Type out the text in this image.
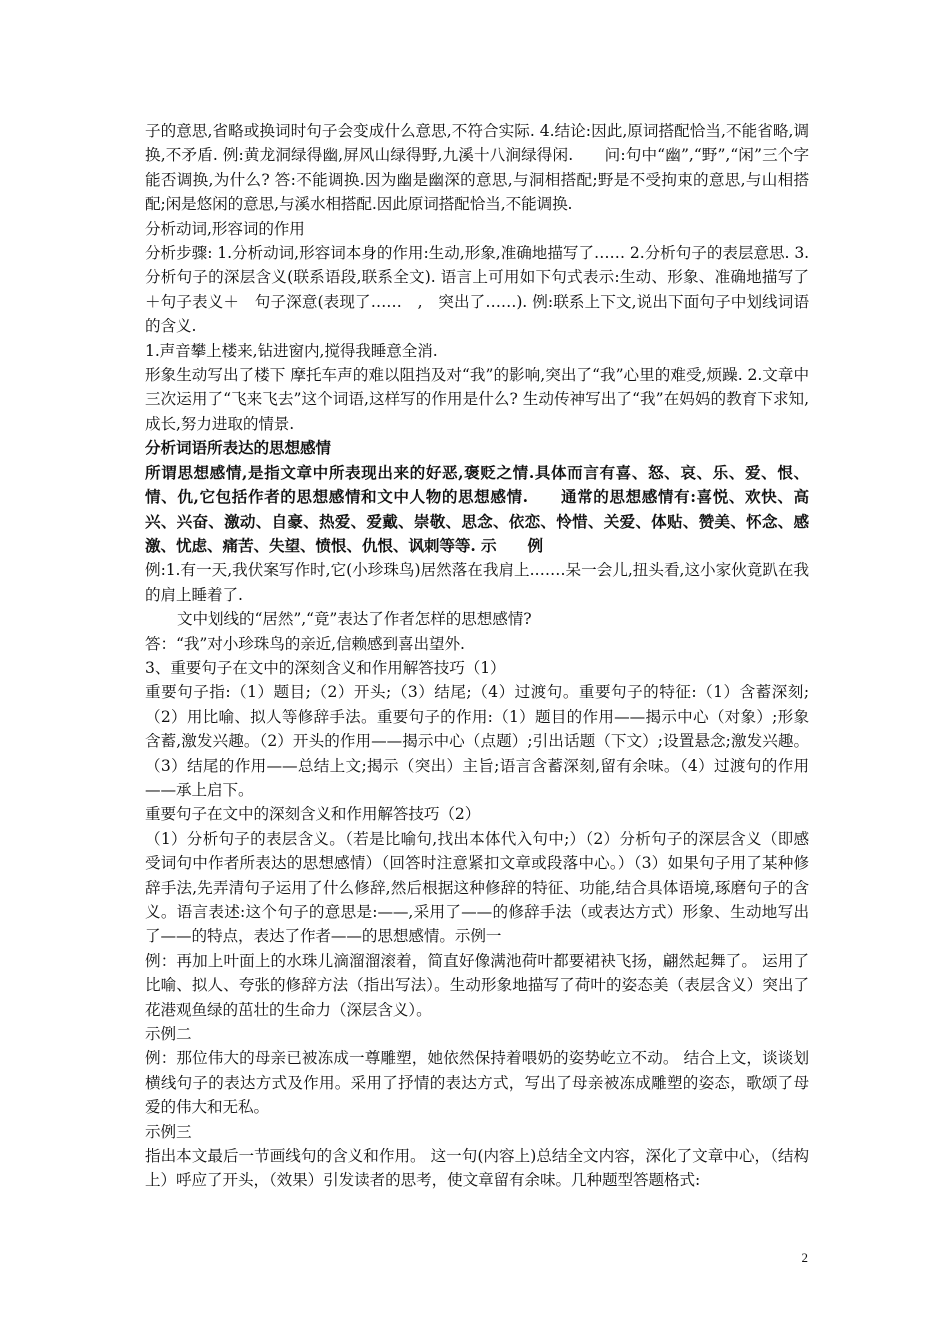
子的意思,省略或换词时句子会变成什么意思,不符合实际. 4.结论:因此,原词搭配恰当,不能省略,调换,不矛盾. 例:黄龙洞绿得幽,屏风山绿得野,九溪十八涧绿得闲.　　问:句中“幽”,“野”,“闲”三个字能否调换,为什么? 答:不能调换.因为幽是幽深的意思,与洞相搭配;野是不受拘束的意思,与山相搭配;闲是悠闲的意思,与溪水相搭配.因此原词搭配恰当,不能调换.

分析动词,形容词的作用

分析步骤: 1.分析动词,形容词本身的作用:生动,形象,准确地描写了…… 2.分析句子的表层意思. 3.分析句子的深层含义(联系语段,联系全文). 语言上可用如下句式表示:生动、形象、准确地描写了＋句子表义＋　句子深意(表现了……　,　突出了……). 例:联系上下文,说出下面句子中划线词语的含义.

1.声音攀上楼来,钻进窗内,搅得我睡意全消.

形象生动写出了楼下 摩托车声的难以阻挡及对“我”的影响,突出了“我”心里的难受,烦躁. 2.文章中三次运用了“飞来飞去”这个词语,这样写的作用是什么? 生动传神写出了“我”在妈妈的教育下求知,成长,努力进取的情景.

分析词语所表达的思想感情

所谓思想感情,是指文章中所表现出来的好恶,褒贬之情.具体而言有喜、怒、哀、乐、爱、恨、情、仇,它包括作者的思想感情和文中人物的思想感情.　　通常的思想感情有:喜悦、欢快、高兴、兴奋、激动、自豪、热爱、爱戴、崇敬、思念、依恋、怜惜、关爱、体贴、赞美、怀念、感激、忧虑、痛苦、失望、愤恨、仇恨、讽刺等等. 示　　例

例:1.有一天,我伏案写作时,它(小珍珠鸟)居然落在我肩上.……呆一会儿,扭头看,这小家伙竟趴在我的肩上睡着了.

文中划线的“居然”,“竟”表达了作者怎样的思想感情?

答：“我”对小珍珠鸟的亲近,信赖感到喜出望外.

3、重要句子在文中的深刻含义和作用解答技巧（1）

重要句子指:（1）题目;（2）开头;（3）结尾;（4）过渡句。重要句子的特征:（1）含蓄深刻;（2）用比喻、拟人等修辞手法。重要句子的作用:（1）题目的作用——揭示中心（对象）;形象含蓄,激发兴趣。（2）开头的作用——揭示中心（点题）;引出话题（下文）;设置悬念;激发兴趣。（3）结尾的作用——总结上文;揭示（突出）主旨;语言含蓄深刻,留有余味。（4）过渡句的作用——承上启下。

重要句子在文中的深刻含义和作用解答技巧（2）

（1）分析句子的表层含义。（若是比喻句,找出本体代入句中;）（2）分析句子的深层含义（即感受词句中作者所表达的思想感情）（回答时注意紧扣文章或段落中心。）（3）如果句子用了某种修辞手法,先弄清句子运用了什么修辞,然后根据这种修辞的特征、功能,结合具体语境,琢磨句子的含义。语言表述:这个句子的意思是:——,采用了——的修辞手法（或表达方式）形象、生动地写出了——的特点，表达了作者——的思想感情。示例一

例：再加上叶面上的水珠儿滴溜溜滚着，简直好像满池荷叶都要裙袂飞扬，翩然起舞了。 运用了比喻、拟人、夸张的修辞方法（指出写法）。生动形象地描写了荷叶的姿态美（表层含义）突出了花港观鱼绿的茁壮的生命力（深层含义）。

示例二

例：那位伟大的母亲已被冻成一尊雕塑，她依然保持着喂奶的姿势屹立不动。 结合上文，谈谈划横线句子的表达方式及作用。采用了抒情的表达方式，写出了母亲被冻成雕塑的姿态，歌颂了母爱的伟大和无私。

示例三

指出本文最后一节画线句的含义和作用。 这一句(内容上)总结全文内容，深化了文章中心，（结构上）呼应了开头，（效果）引发读者的思考，使文章留有余味。几种题型答题格式:

2
